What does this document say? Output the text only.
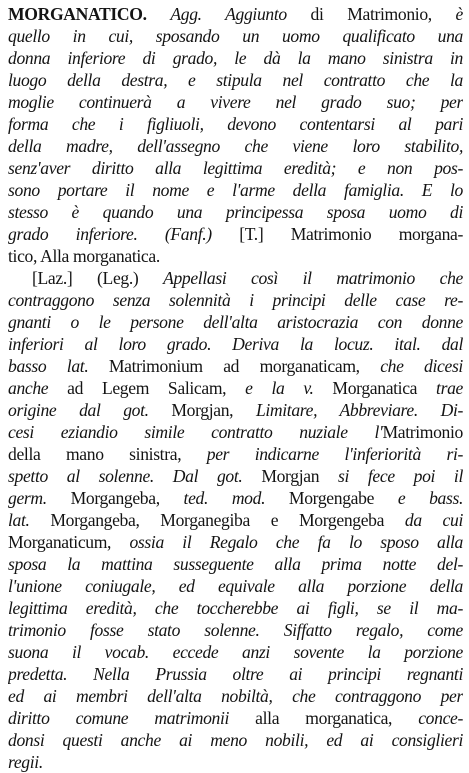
MORGANATICO. Agg. Aggiunto di Matrimonio, è
quello in cui, sposando un uomo qualificato una
donna inferiore di grado, le dà la mano sinistra in
luogo della destra, e stipula nel contratto che la
moglie continuerà a vivere nel grado suo; per
forma che i figliuoli, devono contentarsi al pari
della madre, dell'assegno che viene loro stabilito,
senz'aver diritto alla legittima eredità; e non pos-
sono portare il nome e l'arme della famiglia. E lo
stesso è quando una principessa sposa uomo di
grado inferiore. (Fanf.) [T.] Matrimonio morgana-
tico, Alla morganatica.
[Laz.] (Leg.) Appellasi così il matrimonio che
contraggono senza solennità i principi delle case re-
gnanti o le persone dell'alta aristocrazia con donne
inferiori al loro grado. Deriva la locuz. ital. dal
basso lat. Matrimonium ad morganaticam, che dicesi
anche ad Legem Salicam, e la v. Morganatica trae
origine dal got. Morgjan, Limitare, Abbreviare. Di-
cesi eziandio simile contratto nuziale l'Matrimonio
della mano sinistra, per indicarne l'inferiorità ri-
spetto al solenne. Dal got. Morgjan si fece poi il
germ. Morgangeba, ted. mod. Morgengabe e bass.
lat. Morgangeba, Morganegiba e Morgengeba da cui
Morganaticum, ossia il Regalo che fa lo sposo alla
sposa la mattina susseguente alla prima notte del-
l'unione coniugale, ed equivale alla porzione della
legittima eredità, che toccherebbe ai figli, se il ma-
trimonio fosse stato solenne. Siffatto regalo, come
suona il vocab. eccede anzi sovente la porzione
predetta. Nella Prussia oltre ai principi regnanti
ed ai membri dell'alta nobiltà, che contraggono per
diritto comune matrimonii alla morganatica, conce-
donsi questi anche ai meno nobili, ed ai consiglieri
regii.
